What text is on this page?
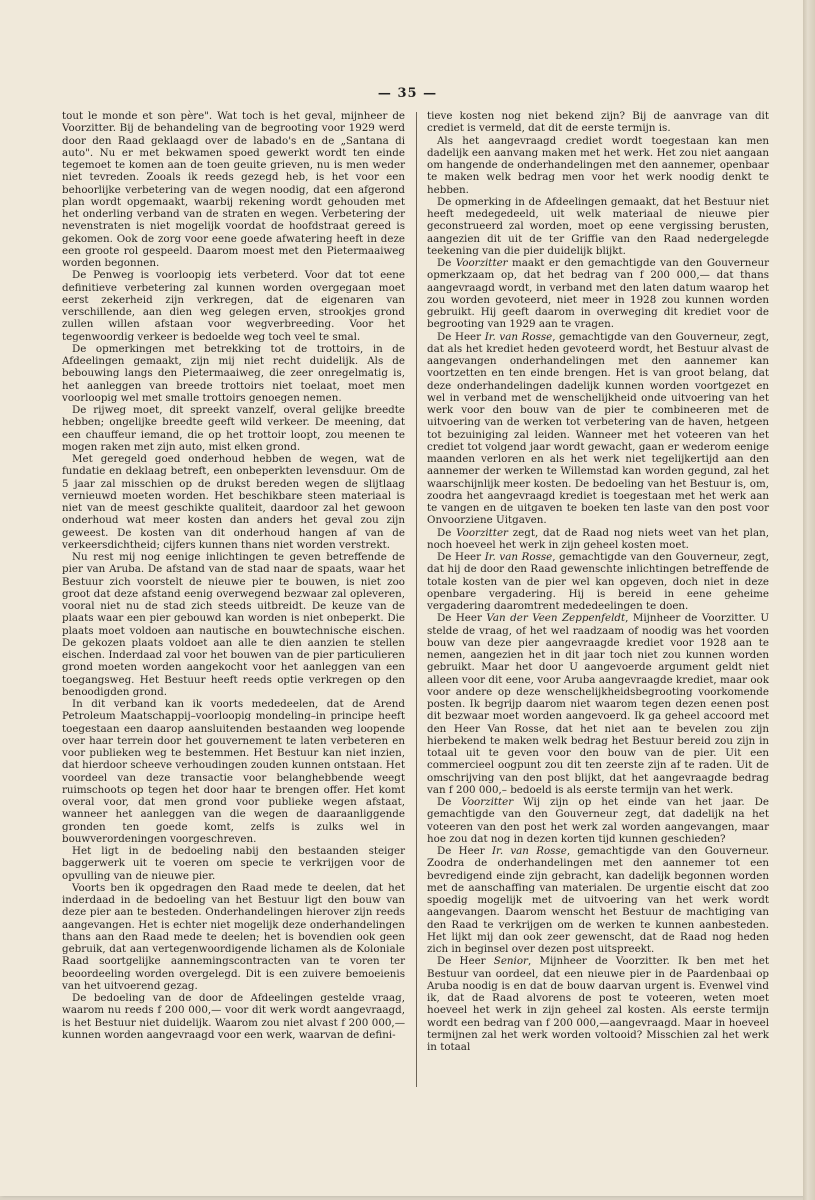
— 35 —

tout le monde et son père". Wat toch is het geval, mijnheer de Voorzitter. Bij de behandeling van de begrooting voor 1929 werd door den Raad geklaagd over de labado's en de „Santana di auto". Nu er met bekwamen spoed gewerkt wordt ten einde tegemoet te komen aan de toen geuite grieven, nu is men weder niet tevreden. Zooals ik reeds gezegd heb, is het voor een behoorlijke verbetering van de wegen noodig, dat een afgerond plan wordt opgemaakt, waarbij rekening wordt gehouden met het onderling verband van de straten en wegen. Verbetering der nevenstraten is niet mogelijk voordat de hoofdstraat gereed is gekomen. Ook de zorg voor eene goede afwatering heeft in deze een groote rol gespeeld. Daarom moest met den Pietermaaiweg worden begonnen.

De Penweg is voorloopig iets verbeterd. Voor dat tot eene definitieve verbetering zal kunnen worden overgegaan moet eerst zekerheid zijn verkregen, dat de eigenaren van verschillende, aan dien weg gelegen erven, strookjes grond zullen willen afstaan voor wegverbreeding. Voor het tegenwoordig verkeer is bedoelde weg toch veel te smal.

De opmerkingen met betrekking tot de trottoirs, in de Afdeelingen gemaakt, zijn mij niet recht duidelijk. Als de bebouwing langs den Pietermaaiweg, die zeer onregelmatig is, het aanleggen van breede trottoirs niet toelaat, moet men voorloopig wel met smalle trottoirs genoegen nemen.

De rijweg moet, dit spreekt vanzelf, overal gelijke breedte hebben; ongelijke breedte geeft wild verkeer. De meening, dat een chauffeur iemand, die op het trottoir loopt, zou meenen te mogen raken met zijn auto, mist elken grond.

Met geregeld goed onderhoud hebben de wegen, wat de fundatie en deklaag betreft, een onbeperkten levensduur. Om de 5 jaar zal misschien op de drukst bereden wegen de slijtlaag vernieuwd moeten worden. Het beschikbare steen materiaal is niet van de meest geschikte qualiteit, daardoor zal het gewoon onderhoud wat meer kosten dan anders het geval zou zijn geweest. De kosten van dit onderhoud hangen af van de verkeersdichtheid; cijfers kunnen thans niet worden verstrekt.

Nu rest mij nog eenige inlichtingen te geven betreffende de pier van Aruba. De afstand van de stad naar de spaats, waar het Bestuur zich voorstelt de nieuwe pier te bouwen, is niet zoo groot dat deze afstand eenig overwegend bezwaar zal opleveren, vooral niet nu de stad zich steeds uitbreidt. De keuze van de plaats waar een pier gebouwd kan worden is niet onbeperkt. Die plaats moet voldoen aan nautische en bouwtechnische eischen. De gekozen plaats voldoet aan alle te dien aanzien te stellen eischen. Inderdaad zal voor het bouwen van de pier particulieren grond moeten worden aangekocht voor het aanleggen van een toegangsweg. Het Bestuur heeft reeds optie verkregen op den benoodigden grond.

In dit verband kan ik voorts mededeelen, dat de Arend Petroleum Maatschappij–voorloopig mondeling–in principe heeft toegestaan een daarop aansluitenden bestaanden weg loopende over haar terrein door het gouvernement te laten verbeteren en voor publieken weg te bestemmen. Het Bestuur kan niet inzien, dat hierdoor scheeve verhoudingen zouden kunnen ontstaan. Het voordeel van deze transactie voor belanghebbende weegt ruimschoots op tegen het door haar te brengen offer. Het komt overal voor, dat men grond voor publieke wegen afstaat, wanneer het aanleggen van die wegen de daaraanliggende gronden ten goede komt, zelfs is zulks wel in bouwverordeningen voorgeschreven.

Het ligt in de bedoeling nabij den bestaanden steiger baggerwerk uit te voeren om specie te verkrijgen voor de opvulling van de nieuwe pier.

Voorts ben ik opgedragen den Raad mede te deelen, dat het inderdaad in de bedoeling van het Bestuur ligt den bouw van deze pier aan te besteden. Onderhandelingen hierover zijn reeds aangevangen. Het is echter niet mogelijk deze onderhandelingen thans aan den Raad mede te deelen; het is bovendien ook geen gebruik, dat aan vertegenwoordigende lichamen als de Koloniale Raad soortgelijke aannemingscontracten van te voren ter beoordeeling worden overgelegd. Dit is een zuivere bemoeienis van het uitvoerend gezag.

De bedoeling van de door de Afdeelingen gestelde vraag, waarom nu reeds f 200 000,— voor dit werk wordt aangevraagd, is het Bestuur niet duidelijk. Waarom zou niet alvast f 200 000,— kunnen worden aangevraagd voor een werk, waarvan de defini-

tieve kosten nog niet bekend zijn? Bij de aanvrage van dit crediet is vermeld, dat dit de eerste termijn is.

Als het aangevraagd crediet wordt toegestaan kan men dadelijk een aanvang maken met het werk. Het zou niet aangaan om hangende de onderhandelingen met den aannemer, openbaar te maken welk bedrag men voor het werk noodig denkt te hebben.

De opmerking in de Afdeelingen gemaakt, dat het Bestuur niet heeft medegedeeld, uit welk materiaal de nieuwe pier geconstrueerd zal worden, moet op eene vergissing berusten, aangezien dit uit de ter Griffie van den Raad nedergelegde teekening van die pier duidelijk blijkt.

De Voorzitter maakt er den gemachtigde van den Gouverneur opmerkzaam op, dat het bedrag van f 200 000,— dat thans aangevraagd wordt, in verband met den laten datum waarop het zou worden gevoteerd, niet meer in 1928 zou kunnen worden gebruikt. Hij geeft daarom in overweging dit krediet voor de begrooting van 1929 aan te vragen.

De Heer Ir. van Rosse, gemachtigde van den Gouverneur, zegt, dat als het krediet heden gevoteerd wordt, het Bestuur alvast de aangevangen onderhandelingen met den aannemer kan voortzetten en ten einde brengen. Het is van groot belang, dat deze onderhandelingen dadelijk kunnen worden voortgezet en wel in verband met de wenschelijkheid onde uitvoering van het werk voor den bouw van de pier te combineeren met de uitvoering van de werken tot verbetering van de haven, hetgeen tot bezuiniging zal leiden. Wanneer met het voteeren van het crediet tot volgend jaar wordt gewacht, gaan er wederom eenige maanden verloren en als het werk niet tegelijkertijd aan den aannemer der werken te Willemstad kan worden gegund, zal het waarschijnlijk meer kosten. De bedoeling van het Bestuur is, om, zoodra het aangevraagd krediet is toegestaan met het werk aan te vangen en de uitgaven te boeken ten laste van den post voor Onvoorziene Uitgaven.

De Voorzitter zegt, dat de Raad nog niets weet van het plan, noch hoeveel het werk in zijn geheel kosten moet.

De Heer Ir. van Rosse, gemachtigde van den Gouverneur, zegt, dat hij de door den Raad gewenschte inlichtingen betreffende de totale kosten van de pier wel kan opgeven, doch niet in deze openbare vergadering. Hij is bereid in eene geheime vergadering daaromtrent mededeelingen te doen.

De Heer Van der Veen Zeppenfeldt, Mijnheer de Voorzitter. U stelde de vraag, of het wel raadzaam of noodig was het voorden bouw van deze pier aangevraagde krediet voor 1928 aan te nemen, aangezien het in dit jaar toch niet zou kunnen worden gebruikt. Maar het door U aangevoerde argument geldt niet alleen voor dit eene, voor Aruba aangevraagde krediet, maar ook voor andere op deze wenschelijkheidsbegrooting voorkomende posten. Ik begrijp daarom niet waarom tegen dezen eenen post dit bezwaar moet worden aangevoerd. Ik ga geheel accoord met den Heer Van Rosse, dat het niet aan te bevelen zou zijn hierbekend te maken welk bedrag het Bestuur bereid zou zijn in totaal uit te geven voor den bouw van de pier. Uit een commercieel oogpunt zou dit ten zeerste zijn af te raden. Uit de omschrijving van den post blijkt, dat het aangevraagde bedrag van f 200 000,– bedoeld is als eerste termijn van het werk.

De Voorzitter Wij zijn op het einde van het jaar. De gemachtigde van den Gouverneur zegt, dat dadelijk na het voteeren van den post het werk zal worden aangevangen, maar hoe zou dat nog in dezen korten tijd kunnen geschieden?

De Heer Ir. van Rosse, gemachtigde van den Gouverneur. Zoodra de onderhandelingen met den aannemer tot een bevredigend einde zijn gebracht, kan dadelijk begonnen worden met de aanschaffing van materialen. De urgentie eischt dat zoo spoedig mogelijk met de uitvoering van het werk wordt aangevangen. Daarom wenscht het Bestuur de machtiging van den Raad te verkrijgen om de werken te kunnen aanbesteden. Het lijkt mij dan ook zeer gewenscht, dat de Raad nog heden zich in beginsel over dezen post uitspreekt.

De Heer Senior, Mijnheer de Voorzitter. Ik ben met het Bestuur van oordeel, dat een nieuwe pier in de Paardenbaai op Aruba noodig is en dat de bouw daarvan urgent is. Evenwel vind ik, dat de Raad alvorens de post te voteeren, weten moet hoeveel het werk in zijn geheel zal kosten. Als eerste termijn wordt een bedrag van f 200 000,—aangevraagd. Maar in hoeveel termijnen zal het werk worden voltooid? Misschien zal het werk in totaal
